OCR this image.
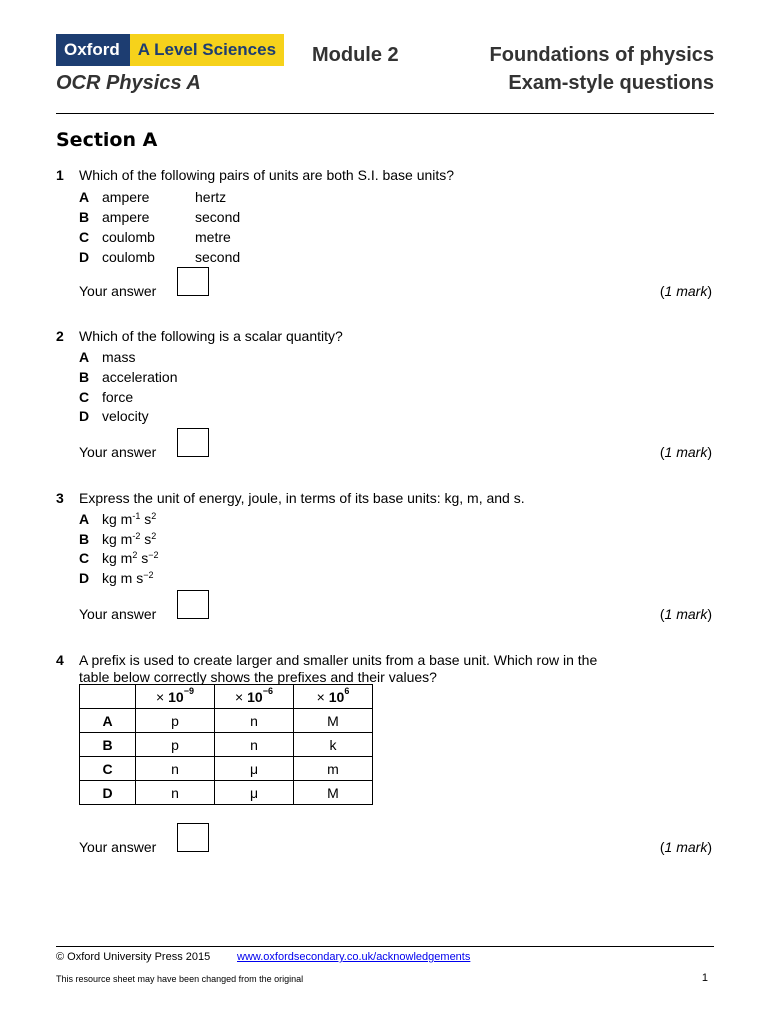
Oxford	A Level Sciences
OCR Physics A
Module 2	Foundations of physics
Exam-style questions
Section A
1 Which of the following pairs of units are both S.I. base units?
A ampere	hertz
B ampere	second
C coulomb	metre
D coulomb	second
Your answer	(1 mark)
2 Which of the following is a scalar quantity?
A mass
B acceleration
C force
D velocity
Your answer	(1 mark)
3 Express the unit of energy, joule, in terms of its base units: kg, m, and s.
A kg $m^{-1}$ $s^2$
B kg $m^{-2}$ $s^2$
C kg $m^2$ $s^{-2}$
D kg m $s^{-2}$
Your answer	(1 mark)
4 A prefix is used to create larger and smaller units from a base unit. Which row in the table below correctly shows the prefixes and their values?
	× $10^{-9}$	× $10^{-6}$	× $10^6$
A	p	n	M
B	p	n	k
C	n	μ	m
D	n	μ	M
Your answer	(1 mark)
© Oxford University Press 2015 www.oxfordsecondary.co.uk/acknowledgements
This resource sheet may have been changed from the original	1
